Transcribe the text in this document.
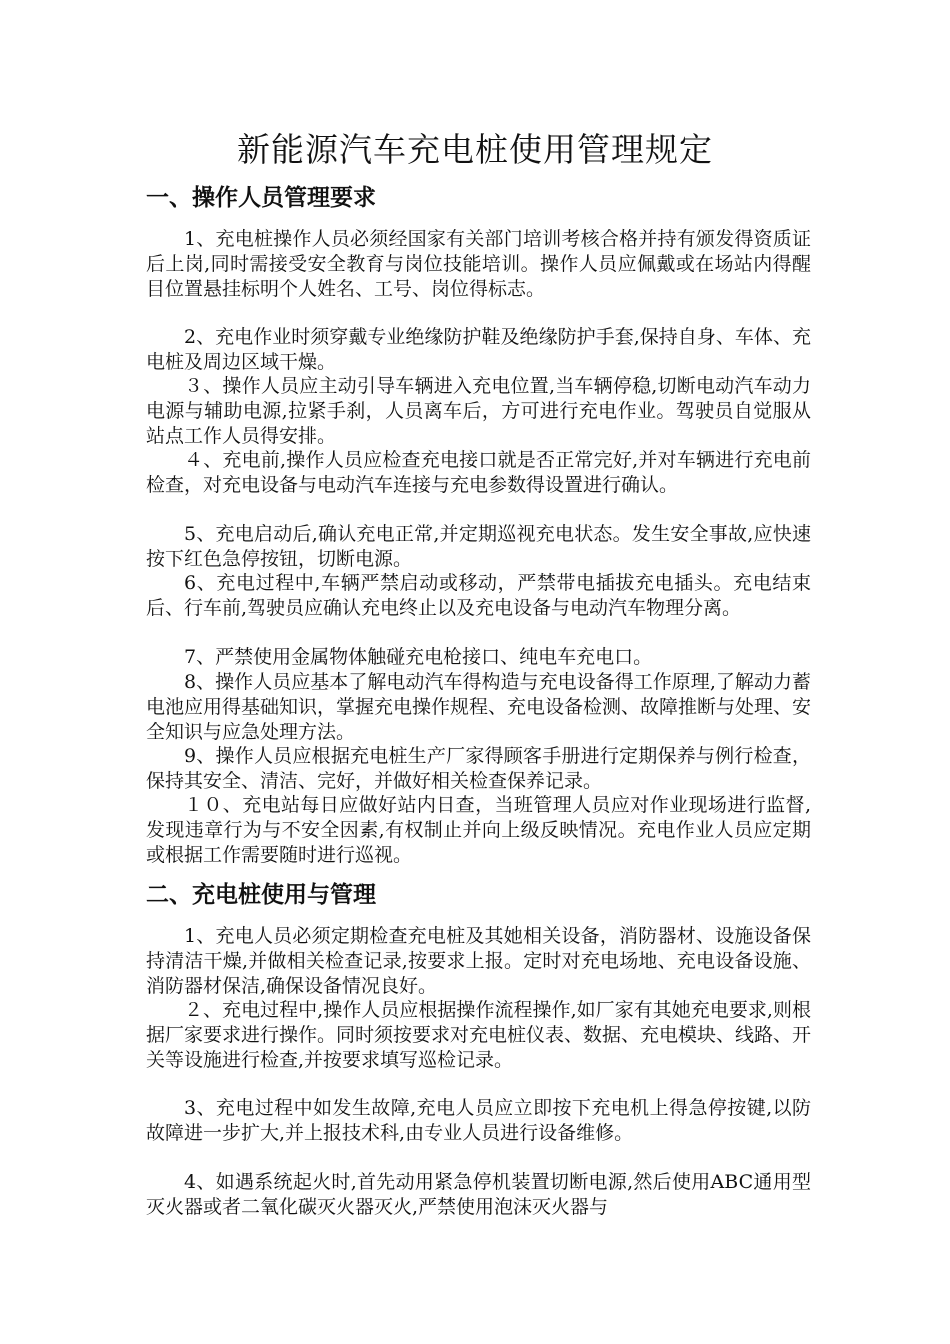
新能源汽车充电桩使用管理规定
一、操作人员管理要求

1、充电桩操作人员必须经国家有关部门培训考核合格并持有颁发得资质证后上岗,同时需接受安全教育与岗位技能培训。操作人员应佩戴或在场站内得醒目位置悬挂标明个人姓名、工号、岗位得标志。

2、充电作业时须穿戴专业绝缘防护鞋及绝缘防护手套,保持自身、车体、充电桩及周边区域干燥。

３、操作人员应主动引导车辆进入充电位置,当车辆停稳,切断电动汽车动力电源与辅助电源,拉紧手刹，人员离车后，方可进行充电作业。驾驶员自觉服从站点工作人员得安排。

４、充电前,操作人员应检查充电接口就是否正常完好,并对车辆进行充电前检查，对充电设备与电动汽车连接与充电参数得设置进行确认。

5、充电启动后,确认充电正常,并定期巡视充电状态。发生安全事故,应快速按下红色急停按钮，切断电源。

6、充电过程中,车辆严禁启动或移动，严禁带电插拔充电插头。充电结束后、行车前,驾驶员应确认充电终止以及充电设备与电动汽车物理分离。

7、严禁使用金属物体触碰充电枪接口、纯电车充电口。

8、操作人员应基本了解电动汽车得构造与充电设备得工作原理,了解动力蓄电池应用得基础知识，掌握充电操作规程、充电设备检测、故障推断与处理、安全知识与应急处理方法。

9、操作人员应根据充电桩生产厂家得顾客手册进行定期保养与例行检查，保持其安全、清洁、完好，并做好相关检查保养记录。

１０、充电站每日应做好站内日查，当班管理人员应对作业现场进行监督,发现违章行为与不安全因素,有权制止并向上级反映情况。充电作业人员应定期或根据工作需要随时进行巡视。

二、充电桩使用与管理

1、充电人员必须定期检查充电桩及其她相关设备，消防器材、设施设备保持清洁干燥,并做相关检查记录,按要求上报。定时对充电场地、充电设备设施、消防器材保洁,确保设备情况良好。

２、充电过程中,操作人员应根据操作流程操作,如厂家有其她充电要求,则根据厂家要求进行操作。同时须按要求对充电桩仪表、数据、充电模块、线路、开关等设施进行检查,并按要求填写巡检记录。

3、充电过程中如发生故障,充电人员应立即按下充电机上得急停按键,以防故障进一步扩大,并上报技术科,由专业人员进行设备维修。

4、如遇系统起火时,首先动用紧急停机装置切断电源,然后使用ABC通用型灭火器或者二氧化碳灭火器灭火,严禁使用泡沫灭火器与
